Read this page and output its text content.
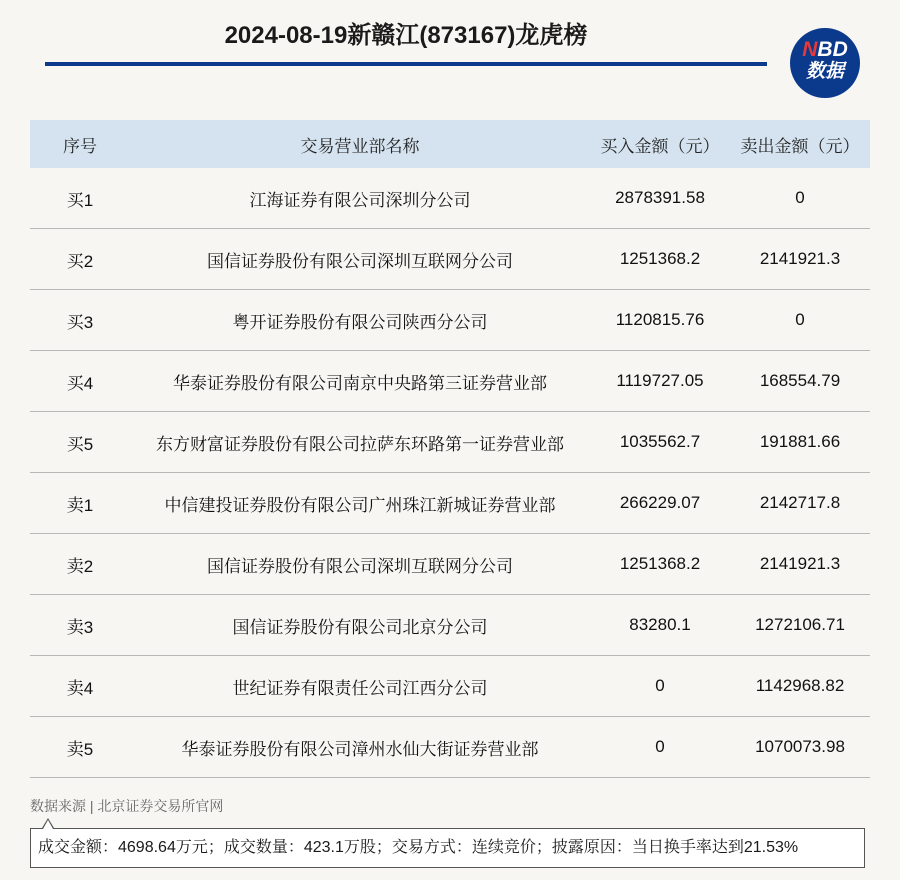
2024-08-19新赣江(873167)龙虎榜
NBD
数据
序号	交易营业部名称	买入金额（元）	卖出金额（元）
买1	江海证券有限公司深圳分公司	2878391.58	0
买2	国信证券股份有限公司深圳互联网分公司	1251368.2	2141921.3
买3	粤开证券股份有限公司陕西分公司	1120815.76	0
买4	华泰证券股份有限公司南京中央路第三证券营业部	1119727.05	168554.79
买5	东方财富证券股份有限公司拉萨东环路第一证券营业部	1035562.7	191881.66
卖1	中信建投证券股份有限公司广州珠江新城证券营业部	266229.07	2142717.8
卖2	国信证券股份有限公司深圳互联网分公司	1251368.2	2141921.3
卖3	国信证券股份有限公司北京分公司	83280.1	1272106.71
卖4	世纪证券有限责任公司江西分公司	0	1142968.82
卖5	华泰证券股份有限公司漳州水仙大街证券营业部	0	1070073.98
数据来源 | 北京证券交易所官网
成交金额：4698.64万元；成交数量：423.1万股；交易方式：连续竞价；披露原因：当日换手率达到21.53%
